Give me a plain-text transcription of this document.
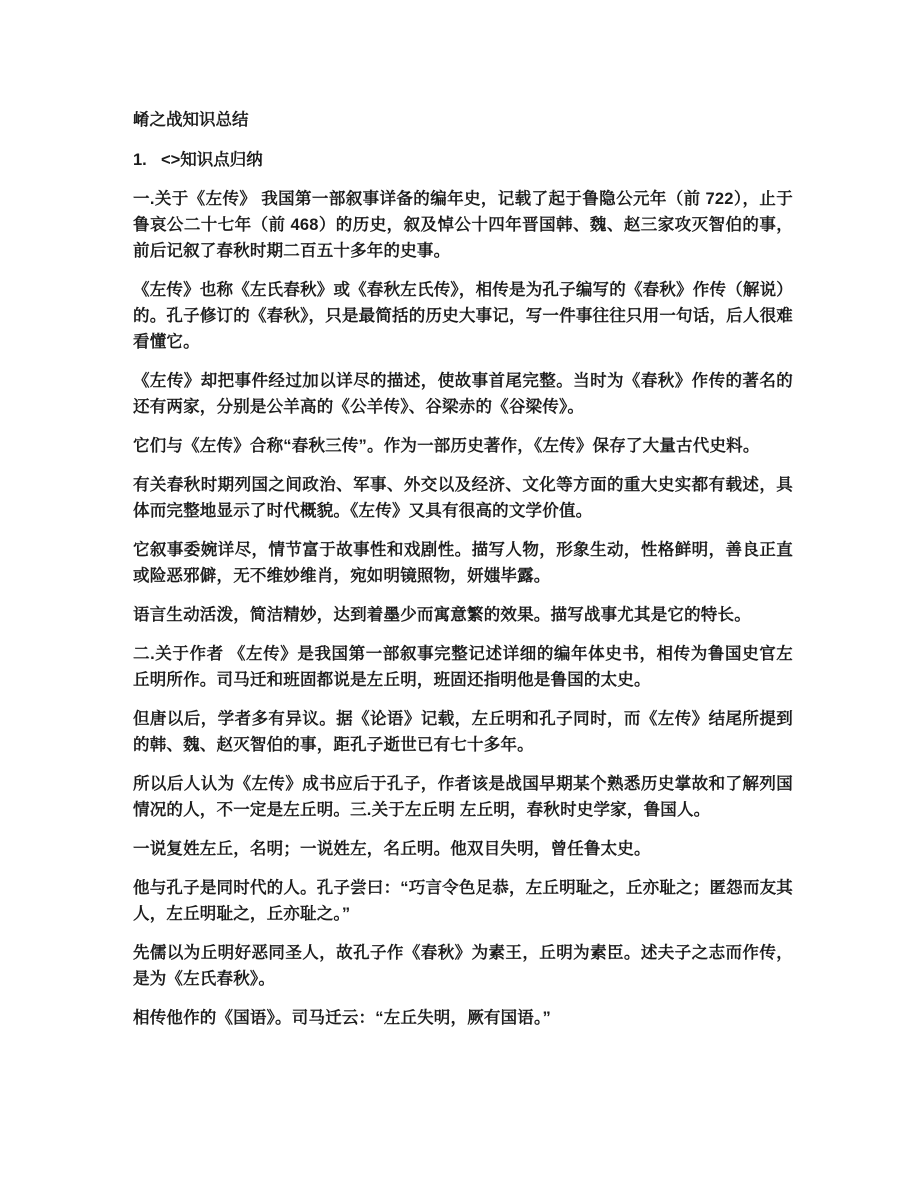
崤之战知识总结
1. <>知识点归纳

一.关于《左传》 我国第一部叙事详备的编年史，记载了起于鲁隐公元年（前 722），止于鲁哀公二十七年（前 468）的历史，叙及悼公十四年晋国韩、魏、赵三家攻灭智伯的事，前后记叙了春秋时期二百五十多年的史事。

《左传》也称《左氏春秋》或《春秋左氏传》，相传是为孔子编写的《春秋》作传（解说）的。孔子修订的《春秋》，只是最简括的历史大事记，写一件事往往只用一句话，后人很难看懂它。

《左传》却把事件经过加以详尽的描述，使故事首尾完整。当时为《春秋》作传的著名的还有两家，分别是公羊高的《公羊传》、谷梁赤的《谷梁传》。

它们与《左传》合称“春秋三传”。作为一部历史著作，《左传》保存了大量古代史料。

有关春秋时期列国之间政治、军事、外交以及经济、文化等方面的重大史实都有载述，具体而完整地显示了时代概貌。《左传》又具有很高的文学价值。

它叙事委婉详尽，情节富于故事性和戏剧性。描写人物，形象生动，性格鲜明，善良正直或险恶邪僻，无不维妙维肖，宛如明镜照物，妍媸毕露。

语言生动活泼，简洁精妙，达到着墨少而寓意繁的效果。描写战事尤其是它的特长。

二.关于作者 《左传》是我国第一部叙事完整记述详细的编年体史书，相传为鲁国史官左丘明所作。司马迁和班固都说是左丘明，班固还指明他是鲁国的太史。

但唐以后，学者多有异议。据《论语》记载，左丘明和孔子同时，而《左传》结尾所提到的韩、魏、赵灭智伯的事，距孔子逝世已有七十多年。

所以后人认为《左传》成书应后于孔子，作者该是战国早期某个熟悉历史掌故和了解列国情况的人，不一定是左丘明。三.关于左丘明 左丘明，春秋时史学家，鲁国人。

一说复姓左丘，名明；一说姓左，名丘明。他双目失明，曾任鲁太史。

他与孔子是同时代的人。孔子尝曰：“巧言令色足恭，左丘明耻之，丘亦耻之；匿怨而友其人，左丘明耻之，丘亦耻之。”

先儒以为丘明好恶同圣人，故孔子作《春秋》为素王，丘明为素臣。述夫子之志而作传，是为《左氏春秋》。

相传他作的《国语》。司马迁云：“左丘失明，厥有国语。”
